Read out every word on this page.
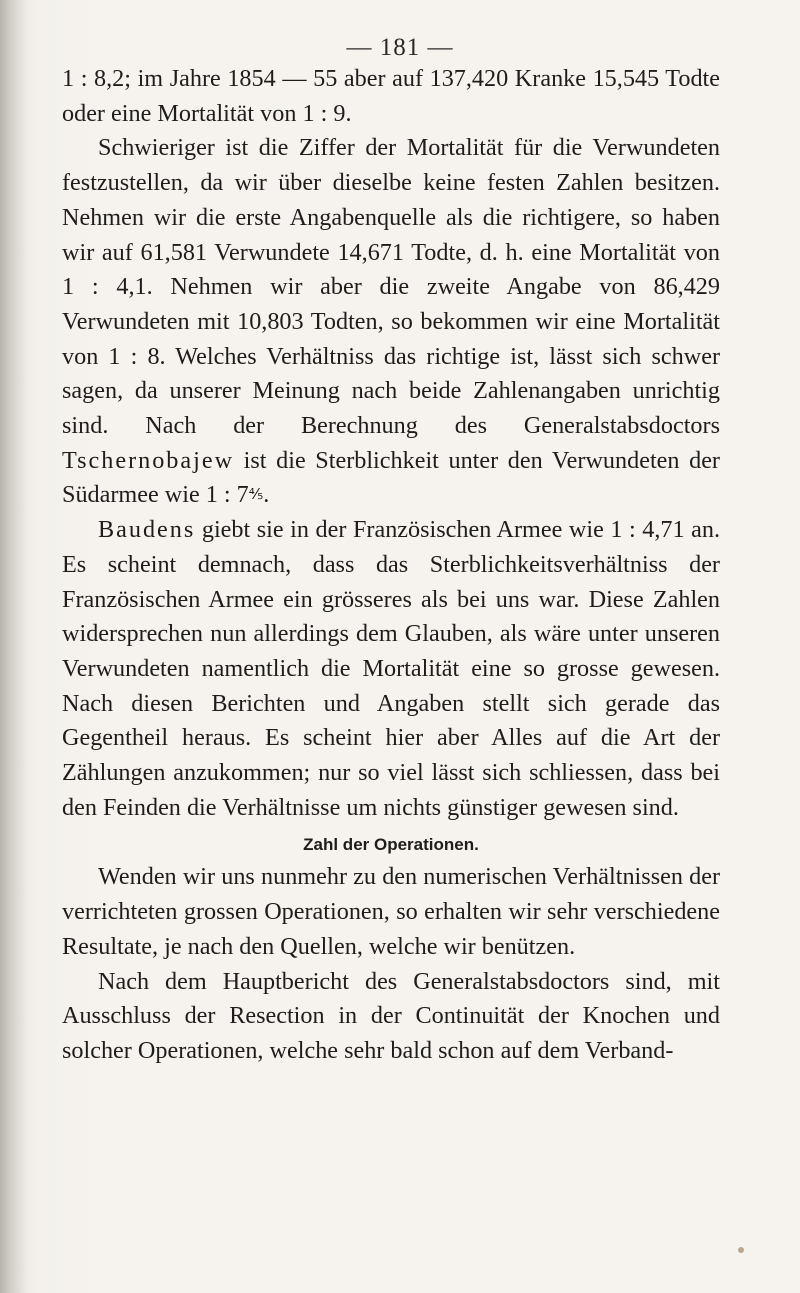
— 181 —

1 : 8,2; im Jahre 1854 — 55 aber auf 137,420 Kranke 15,545 Todte oder eine Mortalität von 1 : 9.

Schwieriger ist die Ziffer der Mortalität für die Verwundeten festzustellen, da wir über dieselbe keine festen Zahlen besitzen. Nehmen wir die erste Angabenquelle als die richtigere, so haben wir auf 61,581 Verwundete 14,671 Todte, d. h. eine Mortalität von 1 : 4,1. Nehmen wir aber die zweite Angabe von 86,429 Verwundeten mit 10,803 Todten, so bekommen wir eine Mortalität von 1 : 8. Welches Verhältniss das richtige ist, lässt sich schwer sagen, da unserer Meinung nach beide Zahlenangaben unrichtig sind. Nach der Berechnung des Generalstabsdoctors Tschernobajew ist die Sterblichkeit unter den Verwundeten der Südarmee wie 1 : 7⅘.

Baudens giebt sie in der Französischen Armee wie 1 : 4,71 an. Es scheint demnach, dass das Sterblichkeitsverhältniss der Französischen Armee ein grösseres als bei uns war. Diese Zahlen widersprechen nun allerdings dem Glauben, als wäre unter unseren Verwundeten namentlich die Mortalität eine so grosse gewesen. Nach diesen Berichten und Angaben stellt sich gerade das Gegentheil heraus. Es scheint hier aber Alles auf die Art der Zählungen anzukommen; nur so viel lässt sich schliessen, dass bei den Feinden die Verhältnisse um nichts günstiger gewesen sind.

Zahl der Operationen.

Wenden wir uns nunmehr zu den numerischen Verhältnissen der verrichteten grossen Operationen, so erhalten wir sehr verschiedene Resultate, je nach den Quellen, welche wir benützen.

Nach dem Hauptbericht des Generalstabsdoctors sind, mit Ausschluss der Resection in der Continuität der Knochen und solcher Operationen, welche sehr bald schon auf dem Verband-
